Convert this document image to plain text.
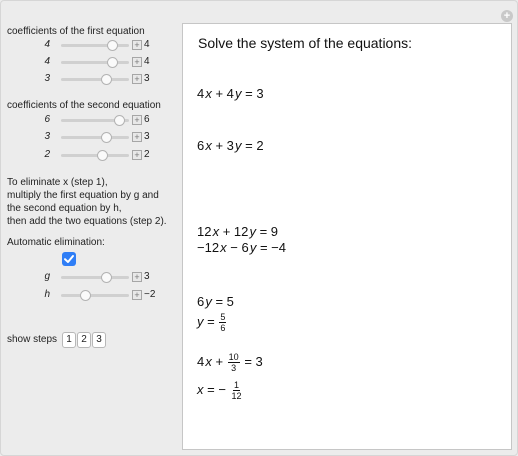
+
coefficients of the first equation
4	+ 4
4	+ 4
3	+ 3
coefficients of the second equation
6	+ 6
3	+ 3
2	+ 2
To eliminate x (step 1),
multiply the first equation by g and
the second equation by h,
then add the two equations (step 2).
Automatic elimination:
g	+ 3
h	+ −2
show steps 1 2 3
Solve the system of the equations:
4 x + 4 y = 3
6 x + 3 y = 2
12 x + 12 y = 9
−12 x − 6 y = −4
6 y = 5
$y = \frac{5}{6}$
4 $x + \frac{10}{3} = 3$
x = − $\frac{1}{12}$
